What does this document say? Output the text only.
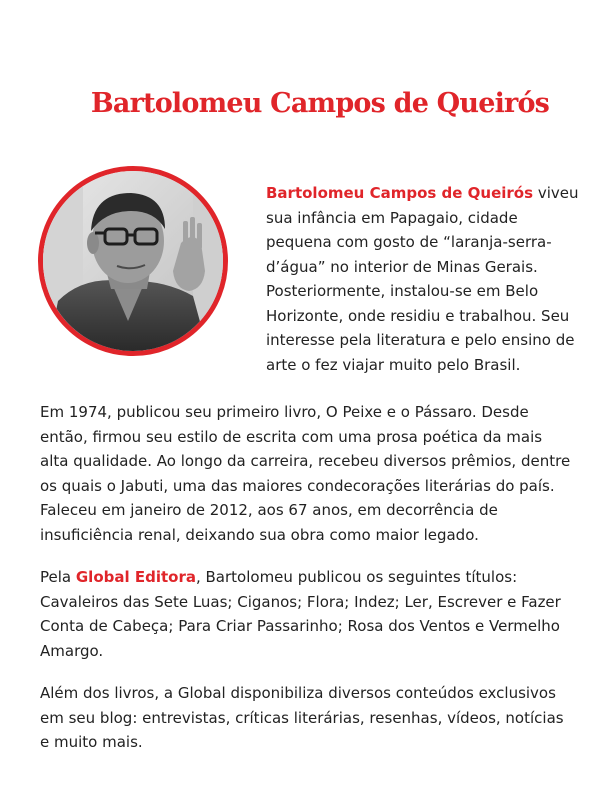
Bartolomeu Campos de Queirós

Bartolomeu Campos de Queirós viveu sua infância em Papagaio, cidade pequena com gosto de “laranja-serra-d’água” no interior de Minas Gerais. Posteriormente, instalou-se em Belo Horizonte, onde residiu e trabalhou. Seu interesse pela literatura e pelo ensino de arte o fez viajar muito pelo Brasil.

Em 1974, publicou seu primeiro livro, O Peixe e o Pássaro. Desde então, firmou seu estilo de escrita com uma prosa poética da mais alta qualidade. Ao longo da carreira, recebeu diversos prêmios, dentre os quais o Jabuti, uma das maiores condecorações literárias do país. Faleceu em janeiro de 2012, aos 67 anos, em decorrência de insuficiência renal, deixando sua obra como maior legado.

Pela Global Editora, Bartolomeu publicou os seguintes títulos: Cavaleiros das Sete Luas; Ciganos; Flora; Indez; Ler, Escrever e Fazer Conta de Cabeça; Para Criar Passarinho; Rosa dos Ventos e Vermelho Amargo.

Além dos livros, a Global disponibiliza diversos conteúdos exclusivos em seu blog: entrevistas, críticas literárias, resenhas, vídeos, notícias e muito mais.
